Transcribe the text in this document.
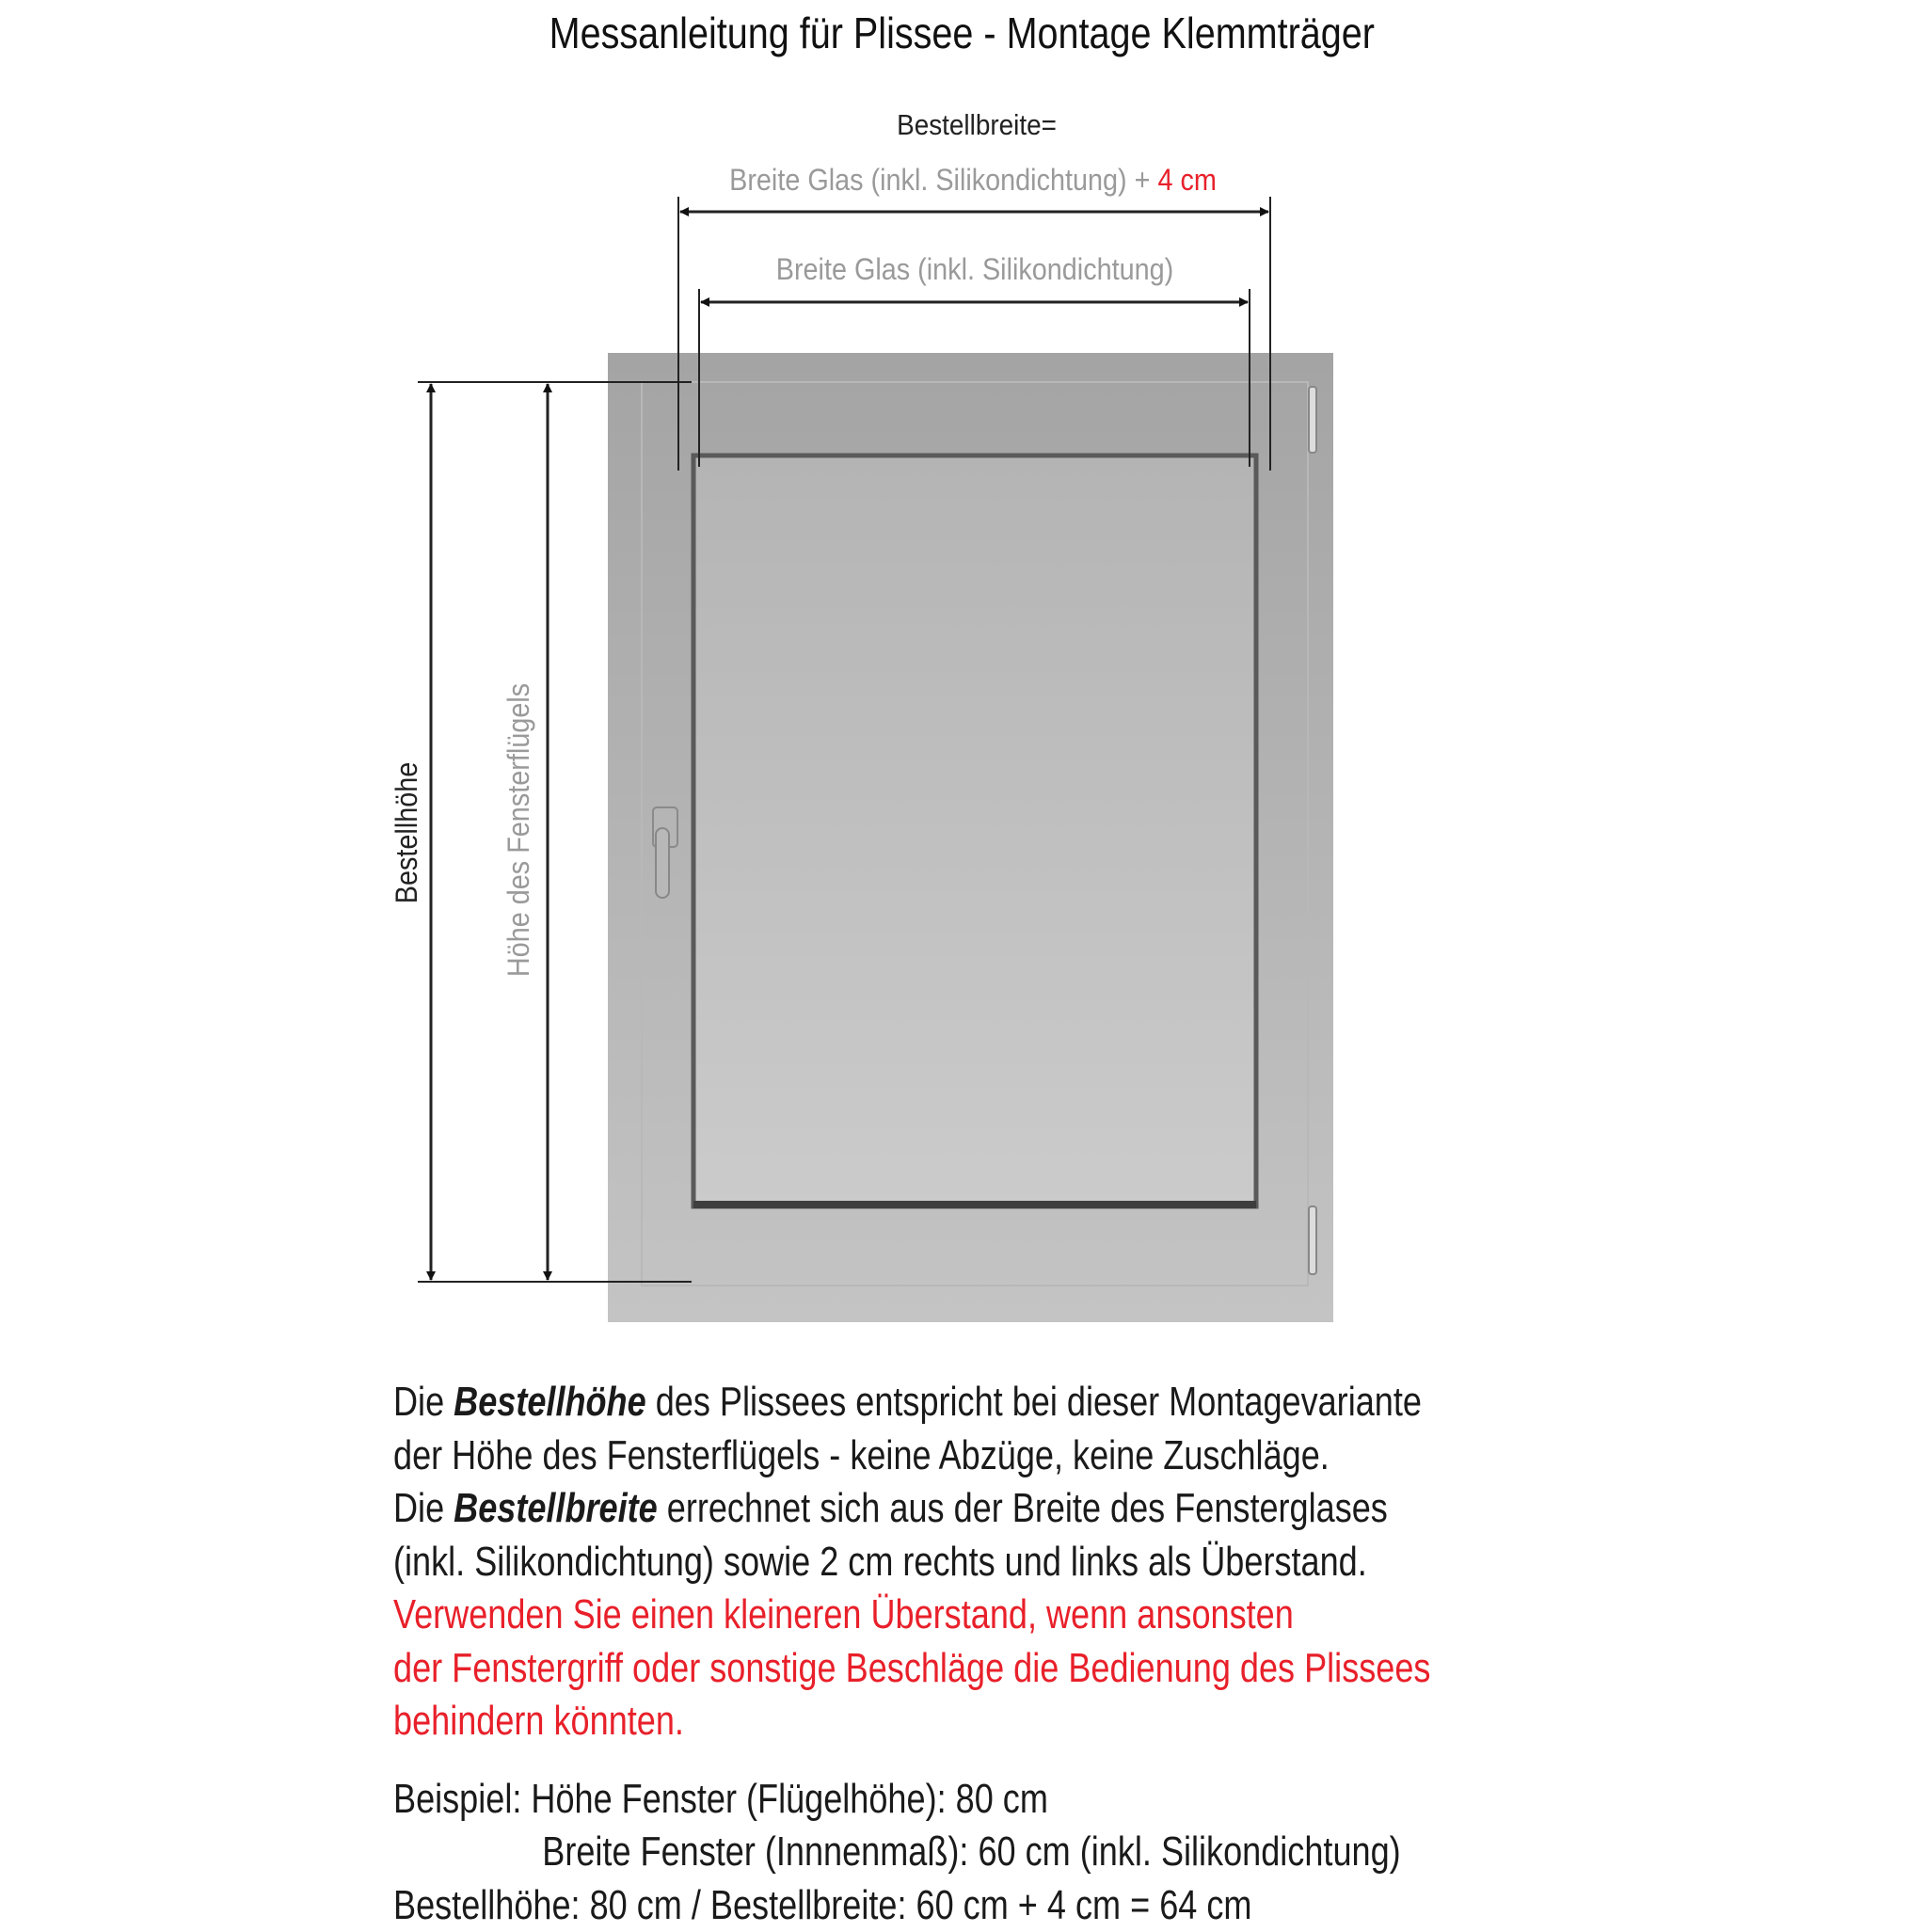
Messanleitung für Plissee - Montage Klemmträger
Bestellbreite=
Breite Glas (inkl. Silikondichtung) + 4 cm
Breite Glas (inkl. Silikondichtung)
Bestellhöhe	Höhe des Fensterflügels
Die Bestellhöhe des Plissees entspricht bei dieser Montagevariante
der Höhe des Fensterflügels - keine Abzüge, keine Zuschläge.
Die Bestellbreite errechnet sich aus der Breite des Fensterglases
(inkl. Silikondichtung) sowie 2 cm rechts und links als Überstand.
Verwenden Sie einen kleineren Überstand, wenn ansonsten
der Fenstergriff oder sonstige Beschläge die Bedienung des Plissees
behindern könnten.
Beispiel: Höhe Fenster (Flügelhöhe): 80 cm
Breite Fenster (Innnenmaß): 60 cm (inkl. Silikondichtung)
Bestellhöhe: 80 cm / Bestellbreite: 60 cm + 4 cm = 64 cm
